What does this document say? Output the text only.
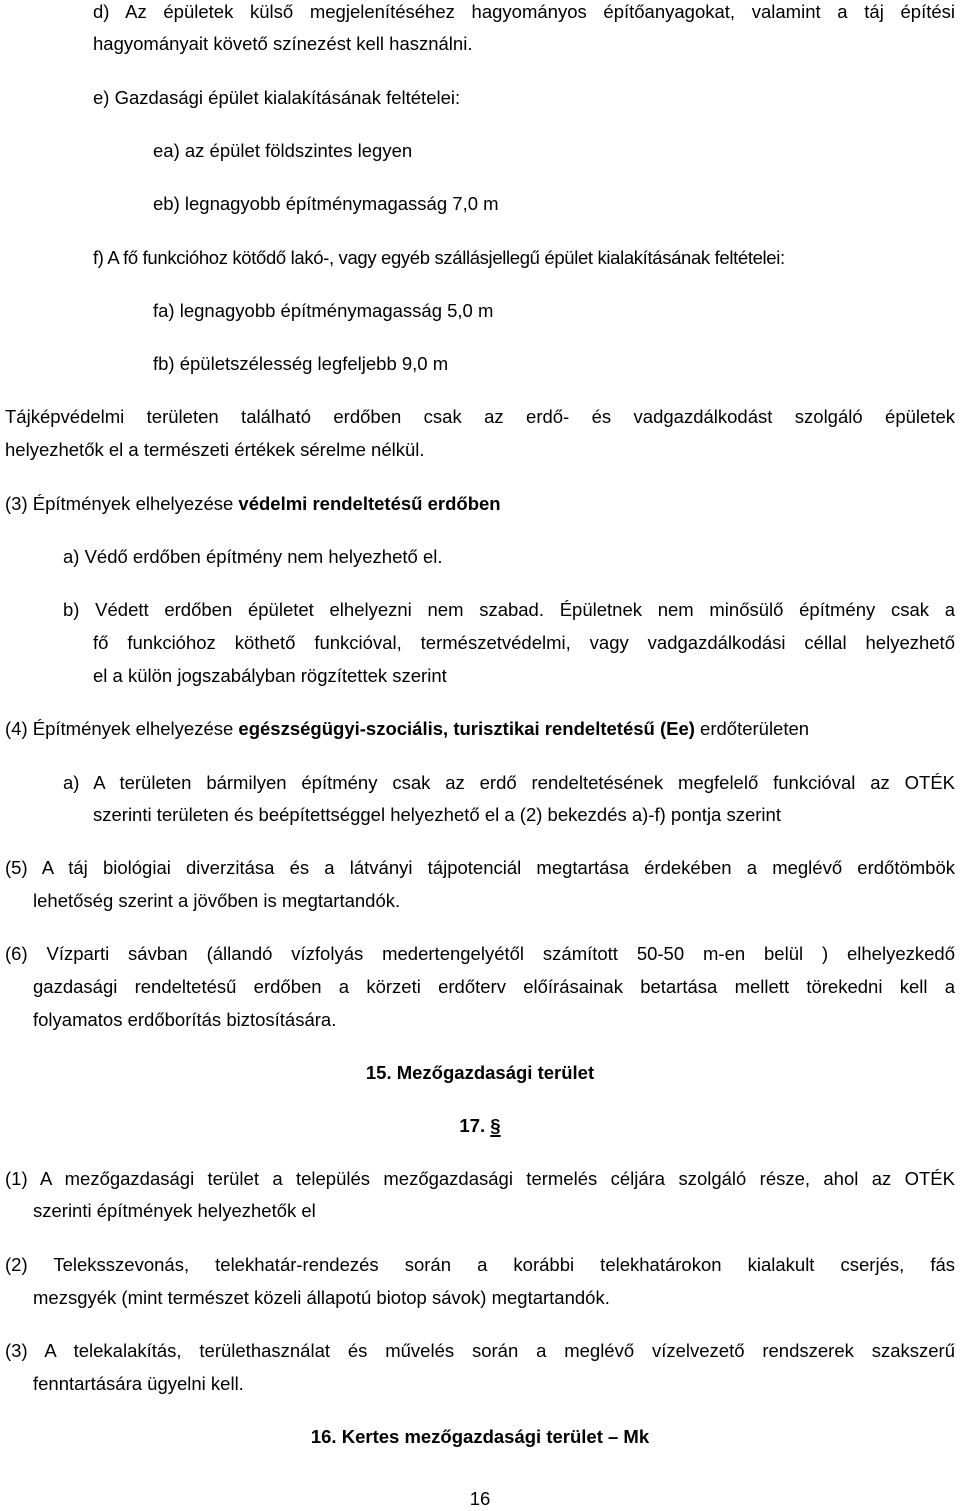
d) Az épületek külső megjelenítéséhez hagyományos építőanyagokat, valamint a táj építési
hagyományait követő színezést kell használni.
e) Gazdasági épület kialakításának feltételei:
ea) az épület földszintes legyen
eb) legnagyobb építménymagasság 7,0 m
f) A fő funkcióhoz kötődő lakó-, vagy egyéb szállásjellegű épület kialakításának feltételei:
fa) legnagyobb építménymagasság 5,0 m
fb) épületszélesség legfeljebb 9,0 m
Tájképvédelmi területen található erdőben csak az erdő- és vadgazdálkodást szolgáló épületek
helyezhetők el a természeti értékek sérelme nélkül.
(3) Építmények elhelyezése védelmi rendeltetésű erdőben
a) Védő erdőben építmény nem helyezhető el.
b) Védett erdőben épületet elhelyezni nem szabad. Épületnek nem minősülő építmény csak a
fő funkcióhoz köthető funkcióval, természetvédelmi, vagy vadgazdálkodási céllal helyezhető
el a külön jogszabályban rögzítettek szerint
(4) Építmények elhelyezése egészségügyi-szociális, turisztikai rendeltetésű (Ee) erdőterületen
a) A területen bármilyen építmény csak az erdő rendeltetésének megfelelő funkcióval az OTÉK
szerinti területen és beépítettséggel helyezhető el a (2) bekezdés a)-f) pontja szerint
(5) A táj biológiai diverzitása és a látványi tájpotenciál megtartása érdekében a meglévő erdőtömbök
lehetőség szerint a jövőben is megtartandók.
(6) Vízparti sávban (állandó vízfolyás medertengelyétől számított 50-50 m-en belül ) elhelyezkedő
gazdasági rendeltetésű erdőben a körzeti erdőterv előírásainak betartása mellett törekedni kell a
folyamatos erdőborítás biztosítására.
15. Mezőgazdasági terület
17. §
(1) A mezőgazdasági terület a település mezőgazdasági termelés céljára szolgáló része, ahol az OTÉK
szerinti építmények helyezhetők el
(2) Teleksszevonás, telekhatár-rendezés során a korábbi telekhatárokon kialakult cserjés, fás
mezsgyék (mint természet közeli állapotú biotop sávok) megtartandók.
(3) A telekalakítás, területhasználat és művelés során a meglévő vízelvezető rendszerek szakszerű
fenntartására ügyelni kell.
16. Kertes mezőgazdasági terület – Mk
16
